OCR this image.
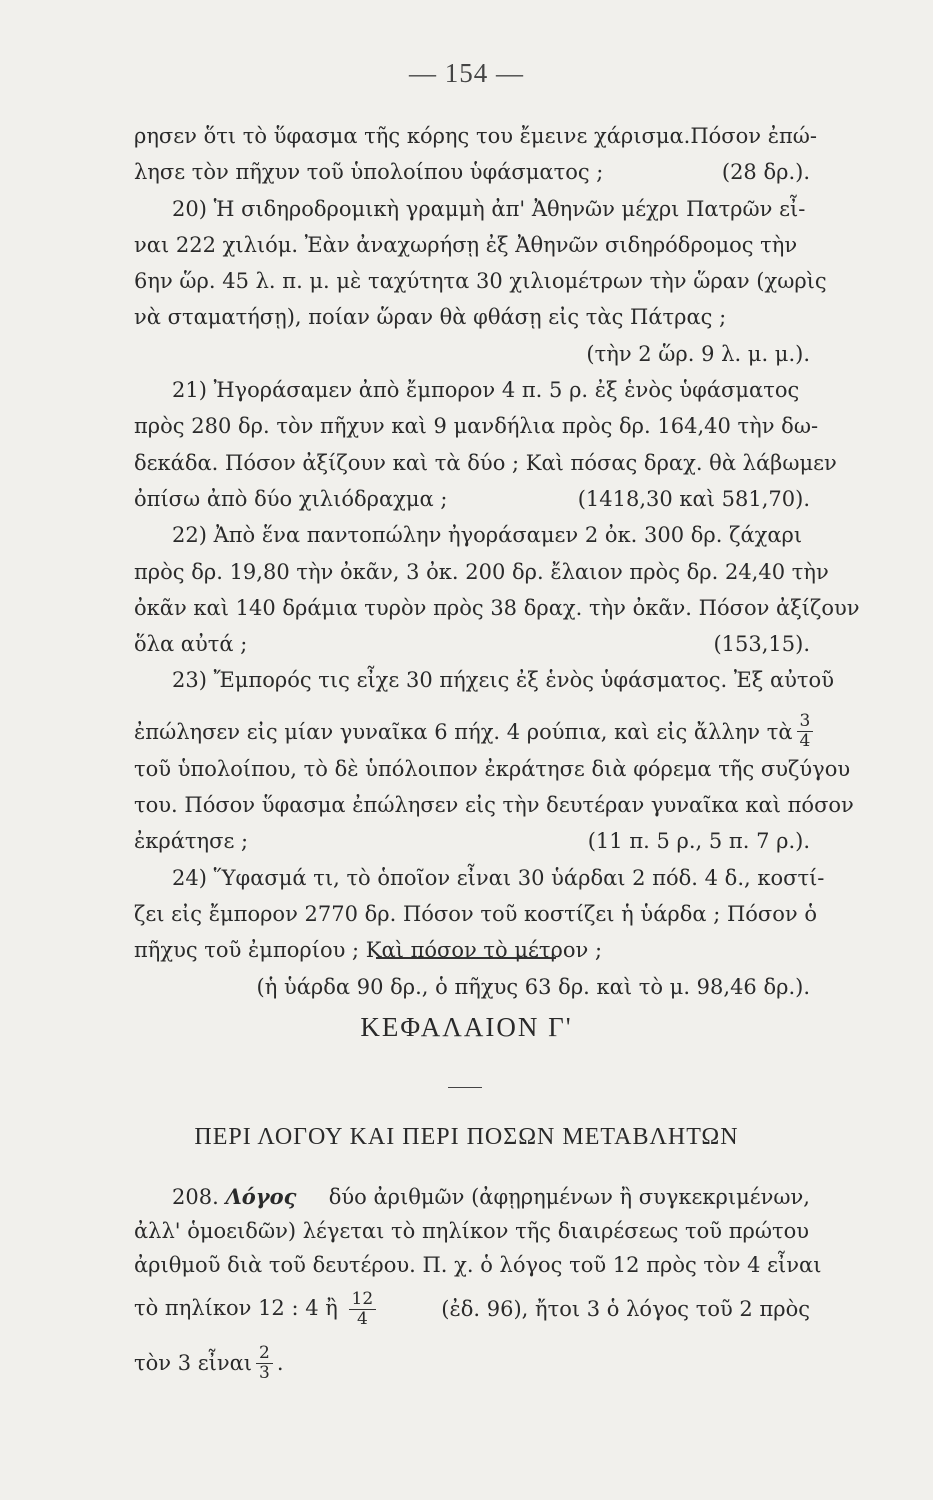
— 154 —
ρησεν ὅτι τὸ ὕφασμα τῆς κόρης του ἔμεινε χάρισμα. Πόσον ἐπώ-
λησε τὸν πῆχυν τοῦ ὑπολοίπου ὑφάσματος ;	(28 δρ.).
20) Ἡ σιδηροδρομικὴ γραμμὴ ἀπ' Ἀθηνῶν μέχρι Πατρῶν εἶ-
ναι 222 χιλιόμ. Ἐὰν ἀναχωρήσῃ ἐξ Ἀθηνῶν σιδηρόδρομος τὴν
6ην ὥρ. 45 λ. π. μ. μὲ ταχύτητα 30 χιλιομέτρων τὴν ὥραν (χωρὶς
νὰ σταματήσῃ), ποίαν ὥραν θὰ φθάσῃ εἰς τὰς Πάτρας ;
(τὴν 2 ὥρ. 9 λ. μ. μ.).
21) Ἠγοράσαμεν ἀπὸ ἔμπορον 4 π. 5 ρ. ἐξ ἑνὸς ὑφάσματος
πρὸς 280 δρ. τὸν πῆχυν καὶ 9 μανδήλια πρὸς δρ. 164,40 τὴν δω-
δεκάδα. Πόσον ἀξίζουν καὶ τὰ δύο ; Καὶ πόσας δραχ. θὰ λάβωμεν
ὀπίσω ἀπὸ δύο χιλιόδραχμα ;	(1418,30 καὶ 581,70).
22) Ἀπὸ ἕνα παντοπώλην ἠγοράσαμεν 2 ὀκ. 300 δρ. ζάχαρι
πρὸς δρ. 19,80 τὴν ὀκᾶν, 3 ὀκ. 200 δρ. ἔλαιον πρὸς δρ. 24,40 τὴν
ὀκᾶν καὶ 140 δράμια τυρὸν πρὸς 38 δραχ. τὴν ὀκᾶν. Πόσον ἀξίζουν
ὅλα αὐτά ;	(153,15).
23) Ἔμπορός τις εἶχε 30 πήχεις ἐξ ἑνὸς ὑφάσματος. Ἐξ αὐτοῦ
ἐπώλησεν εἰς μίαν γυναῖκα 6 πήχ. 4 ρούπια, καὶ εἰς ἄλλην τὰ $\frac{3}{4}$
τοῦ ὑπολοίπου, τὸ δὲ ὑπόλοιπον ἐκράτησε διὰ φόρεμα τῆς συζύγου
του. Πόσον ὕφασμα ἐπώλησεν εἰς τὴν δευτέραν γυναῖκα καὶ πόσον
ἐκράτησε ;	(11 π. 5 ρ., 5 π. 7 ρ.).
24) Ὕφασμά τι, τὸ ὁποῖον εἶναι 30 ὑάρδαι 2 πόδ. 4 δ., κοστί-
ζει εἰς ἔμπορον 2770 δρ. Πόσον τοῦ κοστίζει ἡ ὑάρδα ; Πόσον ὁ
πῆχυς τοῦ ἐμπορίου ; Καὶ πόσον τὸ μέτρον ;
(ἡ ὑάρδα 90 δρ., ὁ πῆχυς 63 δρ. καὶ τὸ μ. 98,46 δρ.).
ΚΕΦΑΛΑΙΟΝ Γ'
ΠΕΡΙ ΛΟΓΟΥ ΚΑΙ ΠΕΡΙ ΠΟΣΩΝ ΜΕΤΑΒΛΗΤΩΝ
208. Λόγος δύο ἀριθμῶν (ἀφῃρημένων ἢ συγκεκριμένων,
ἀλλ' ὁμοειδῶν) λέγεται τὸ πηλίκον τῆς διαιρέσεως τοῦ πρώτου
ἀριθμοῦ διὰ τοῦ δευτέρου. Π. χ. ὁ λόγος τοῦ 12 πρὸς τὸν 4 εἶναι
τὸ πηλίκον 12 : 4 ἢ $\frac{12}{4}$	(ἐδ. 96), ἤτοι 3 ὁ λόγος τοῦ 2 πρὸς
τὸν 3 εἶναι $\frac{2}{3}$ .
